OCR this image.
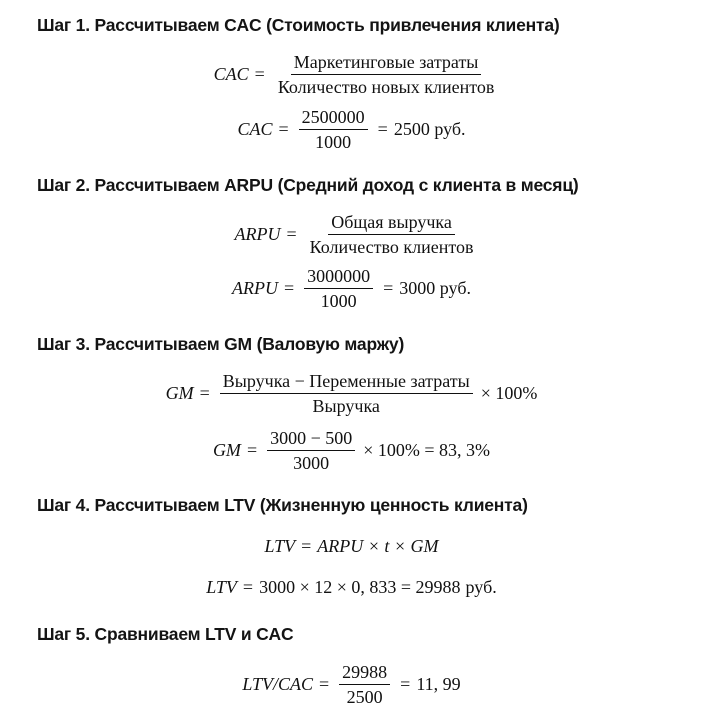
Шаг 1. Рассчитываем CAC (Стоимость привлечения клиента)
CAC = $\frac{\text{Маркетинговые затраты}}{\text{Количество новых клиентов}}$
CAC = $\frac{2500000}{1000} = 2500$ руб.
Шаг 2. Рассчитываем ARPU (Средний доход с клиента в месяц)
ARPU = $\frac{\text{Общая выручка}}{\text{Количество клиентов}}$
ARPU = $\frac{3000000}{1000} = 3000$ руб.
Шаг 3. Рассчитываем GM (Валовую маржу)
GM = $\frac{\text{Выручка − Переменные затраты}}{\text{Выручка}} \times 100\%$
GM = $\frac{3000 - 500}{3000} \times 100\% = 83$, 3%
Шаг 4. Рассчитываем LTV (Жизненную ценность клиента)
LTV = ARPU × t × GM
LTV = 3000 × 12 × 0, 833 = 29988 руб.
Шаг 5. Сравниваем LTV и CAC
$LTV/CAC = \frac{29988}{2500} = 11$, 99
